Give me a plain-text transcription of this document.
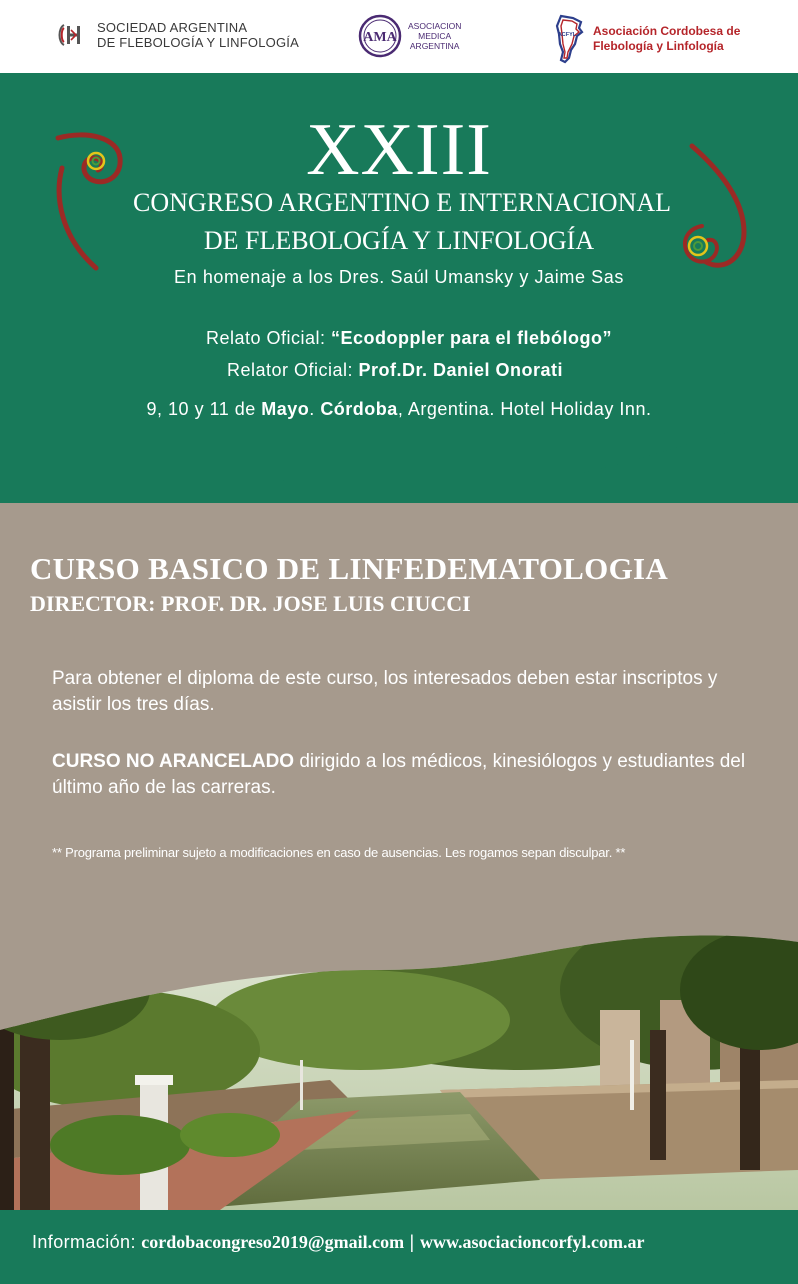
SOCIEDAD ARGENTINA
DE FLEBOLOGÍA Y LINFOLOGÍA	AMA
ASOCIACION
MEDICA
ARGENTINA
ACFYL Asociación Cordobesa de
Flebología y Linfología
XXIII
CONGRESO ARGENTINO E INTERNACIONAL
DE FLEBOLOGÍA Y LINFOLOGÍA
En homenaje a los Dres. Saúl Umansky y Jaime Sas
Relato Oficial: “Ecodoppler para el flebólogo”
Relator Oficial: Prof.Dr. Daniel Onorati
9, 10 y 11 de Mayo. Córdoba, Argentina. Hotel Holiday Inn.
CURSO BASICO DE LINFEDEMATOLOGIA
DIRECTOR: PROF. DR. JOSE LUIS CIUCCI
Para obtener el diploma de este curso, los interesados deben estar inscriptos y asistir los tres días.
CURSO NO ARANCELADO dirigido a los médicos, kinesiólogos y estudiantes del último año de las carreras.
** Programa preliminar sujeto a modificaciones en caso de ausencias. Les rogamos sepan disculpar. **
Información: cordobacongreso2019@gmail.com | www.asociacioncorfyl.com.ar
